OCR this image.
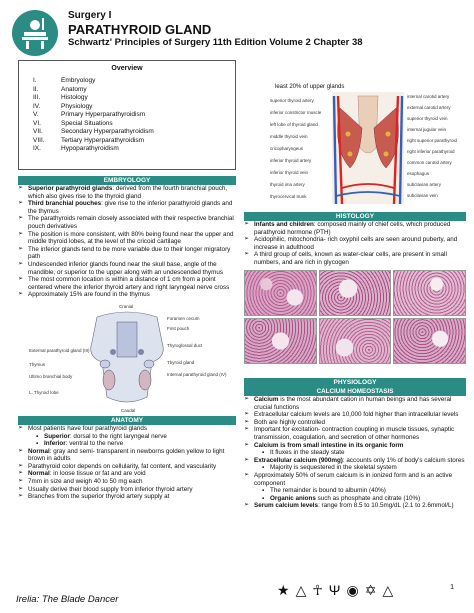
Surgery I
PARATHYROID GLAND
Schwartz' Principles of Surgery 11th Edition Volume 2 Chapter 38
Overview
I.	Embryology
II.	Anatomy
III.	Histology
IV.	Physiology
V.	Primary Hyperparathyroidism
VI.	Special Situations
VII.	Secondary Hyperparathyroidism
VIII.	Tertiary Hyperparathyroidism
IX.	Hypoparathyroidism
EMBRYOLOGY
➢ Superior parathyroid glands: derived from the fourth branchial pouch, which also gives rise to the thyroid gland
➢ Third branchial pouches: give rise to the inferior parathyroid glands and the thymus
➢ The parathyroids remain closely associated with their respective branchial pouch derivatives
➢ The position is more consistent, with 80% being found near the upper and middle thyroid lobes, at the level of the cricoid cartilage
➢ The inferior glands tend to be more variable due to their longer migratory path
➢ Undescended inferior glands found near the skull base, angle of the mandible, or superior to the upper along with an undescended thymus
➢ The most common location is within a distance of 1 cm from a point centered where the inferior thyroid artery and right laryngeal nerve cross
➢ Approximately 15% are found in the thymus
Cranial
Foramen cecum
First pouch
Thyroglossal duct
External parathyroid gland (III)
Thymus
Ultimo branchial body
L. Thyroid lobe
Caudal
Thyroid gland
Internal parathyroid gland (IV)
ANATOMY
➢ Most patients have four parathyroid glands
▪ Superior: dorsal to the right laryngeal nerve
▪ Inferior: ventral to the nerve
➢ Normal: gray and semi- transparent in newborns golden yellow to light brown in adults
➢ Parathyroid color depends on cellularity, fat content, and vascularity
➢ Normal: in loose tissue or fat and are void
➢ 7mm in size and weigh 40 to 50 mg each
➢ Usually derive their blood supply from inferior thyroid artery
➢ Branches from the superior thyroid artery supply at
least 20% of upper glands
superior thyroid artery
inferior constrictor muscle
left lobe of thyroid gland
middle thyroid vein
cricopharyngeus
inferior thyroid artery
inferior thyroid vein
thyroid ima artery
thyrocervical trunk
internal carotid artery
external carotid artery
superior thyroid vein
internal jugular vein
right superior parathyroid
right inferior parathyroid
common carotid artery
esophagus
subclavian artery
subclavian vein
HISTOLOGY
➢ Infants and children: composed mainly of chief cells, which produced parathyroid hormone (PTH)
➢ Acidophilic, mitochondria- rich oxyphil cells are seen around puberty, and increase in adulthood
➢ A third group of cells, known as water-clear cells, are present in small numbers, and are rich in glycogen
PHYSIOLOGY
CALCIUM HOMEOSTASIS
➢ Calcium is the most abundant cation in human beings and has several crucial functions
➢ Extracellular calcium levels are 10,000 fold higher than intracellular levels
➢ Both are highly controlled
➢ Important for excitation- contraction coupling in muscle tissues, synaptic transmission, coagulation, and secretion of other hormones
➢ Calcium is from small intestine in its organic form
▪ It fluxes in the steady state
➢ Extracellular calcium (900mg): accounts only 1% of body's calcium stores
▪ Majority is sequestered in the skeletal system
➢ Approximately 50% of serum calcium is in ionized form and is an active component
▪ The remainder is bound to albumin (40%)
▪ Organic anions such as phosphate and citrate (10%)
➢ Serum calcium levels: range from 8.5 to 10.5mg/dL (2.1 to 2.6mmol/L)
Irelia: The Blade Dancer
★ △ ☥ Ψ ◉ ✡ △	1
